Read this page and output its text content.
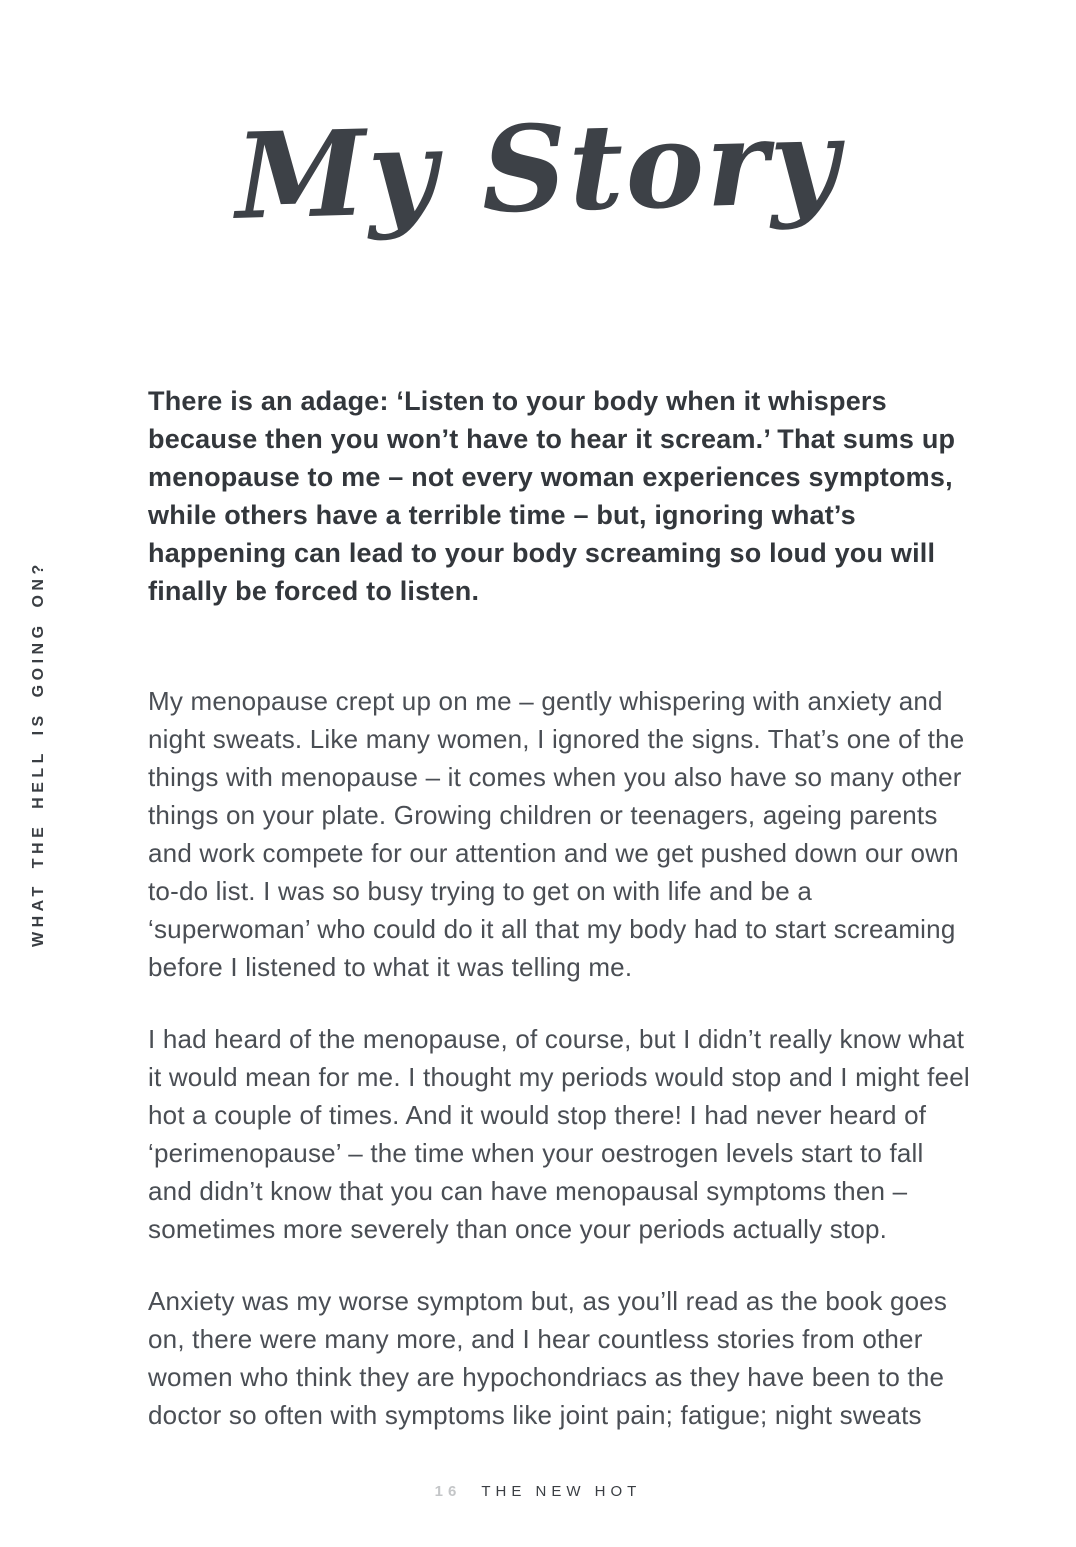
My Story
WHAT THE HELL IS GOING ON?

There is an adage: ‘Listen to your body when it whispers because then you won’t have to hear it scream.’ That sums up menopause to me – not every woman experiences symptoms, while others have a terrible time – but, ignoring what’s happening can lead to your body screaming so loud you will finally be forced to listen.

My menopause crept up on me – gently whispering with anxiety and night sweats. Like many women, I ignored the signs. That’s one of the things with menopause – it comes when you also have so many other things on your plate. Growing children or teenagers, ageing parents and work compete for our attention and we get pushed down our own to-do list. I was so busy trying to get on with life and be a ‘superwoman’ who could do it all that my body had to start screaming before I listened to what it was telling me.

I had heard of the menopause, of course, but I didn’t really know what it would mean for me. I thought my periods would stop and I might feel hot a couple of times. And it would stop there! I had never heard of ‘perimenopause’ – the time when your oestrogen levels start to fall and didn’t know that you can have menopausal symptoms then – sometimes more severely than once your periods actually stop.

Anxiety was my worse symptom but, as you’ll read as the book goes on, there were many more, and I hear countless stories from other women who think they are hypochondriacs as they have been to the doctor so often with symptoms like joint pain; fatigue; night sweats

16 THE NEW HOT
